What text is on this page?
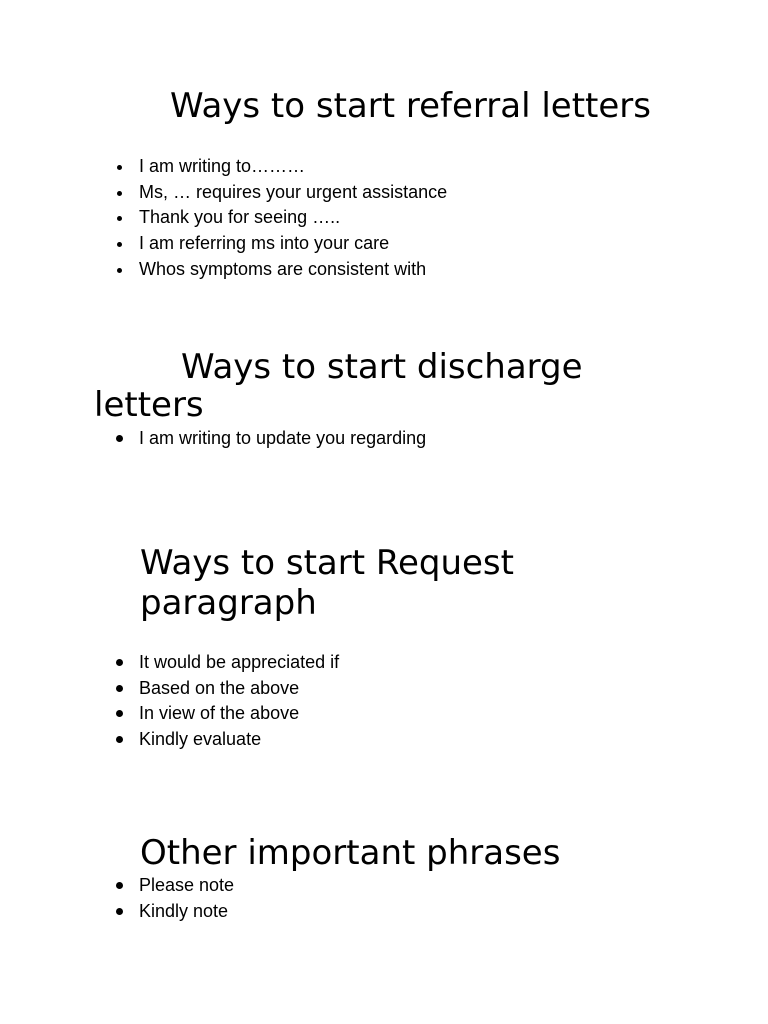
Ways to start referral letters
I am writing to………
Ms, … requires your urgent assistance
Thank you for seeing …..
I am referring ms into your care
Whos symptoms are consistent with
Ways to start discharge
letters
I am writing to update you regarding
Ways to start Request
paragraph
It would be appreciated if
Based on the above
In view of the above
Kindly evaluate
Other important phrases
Please note
Kindly note
